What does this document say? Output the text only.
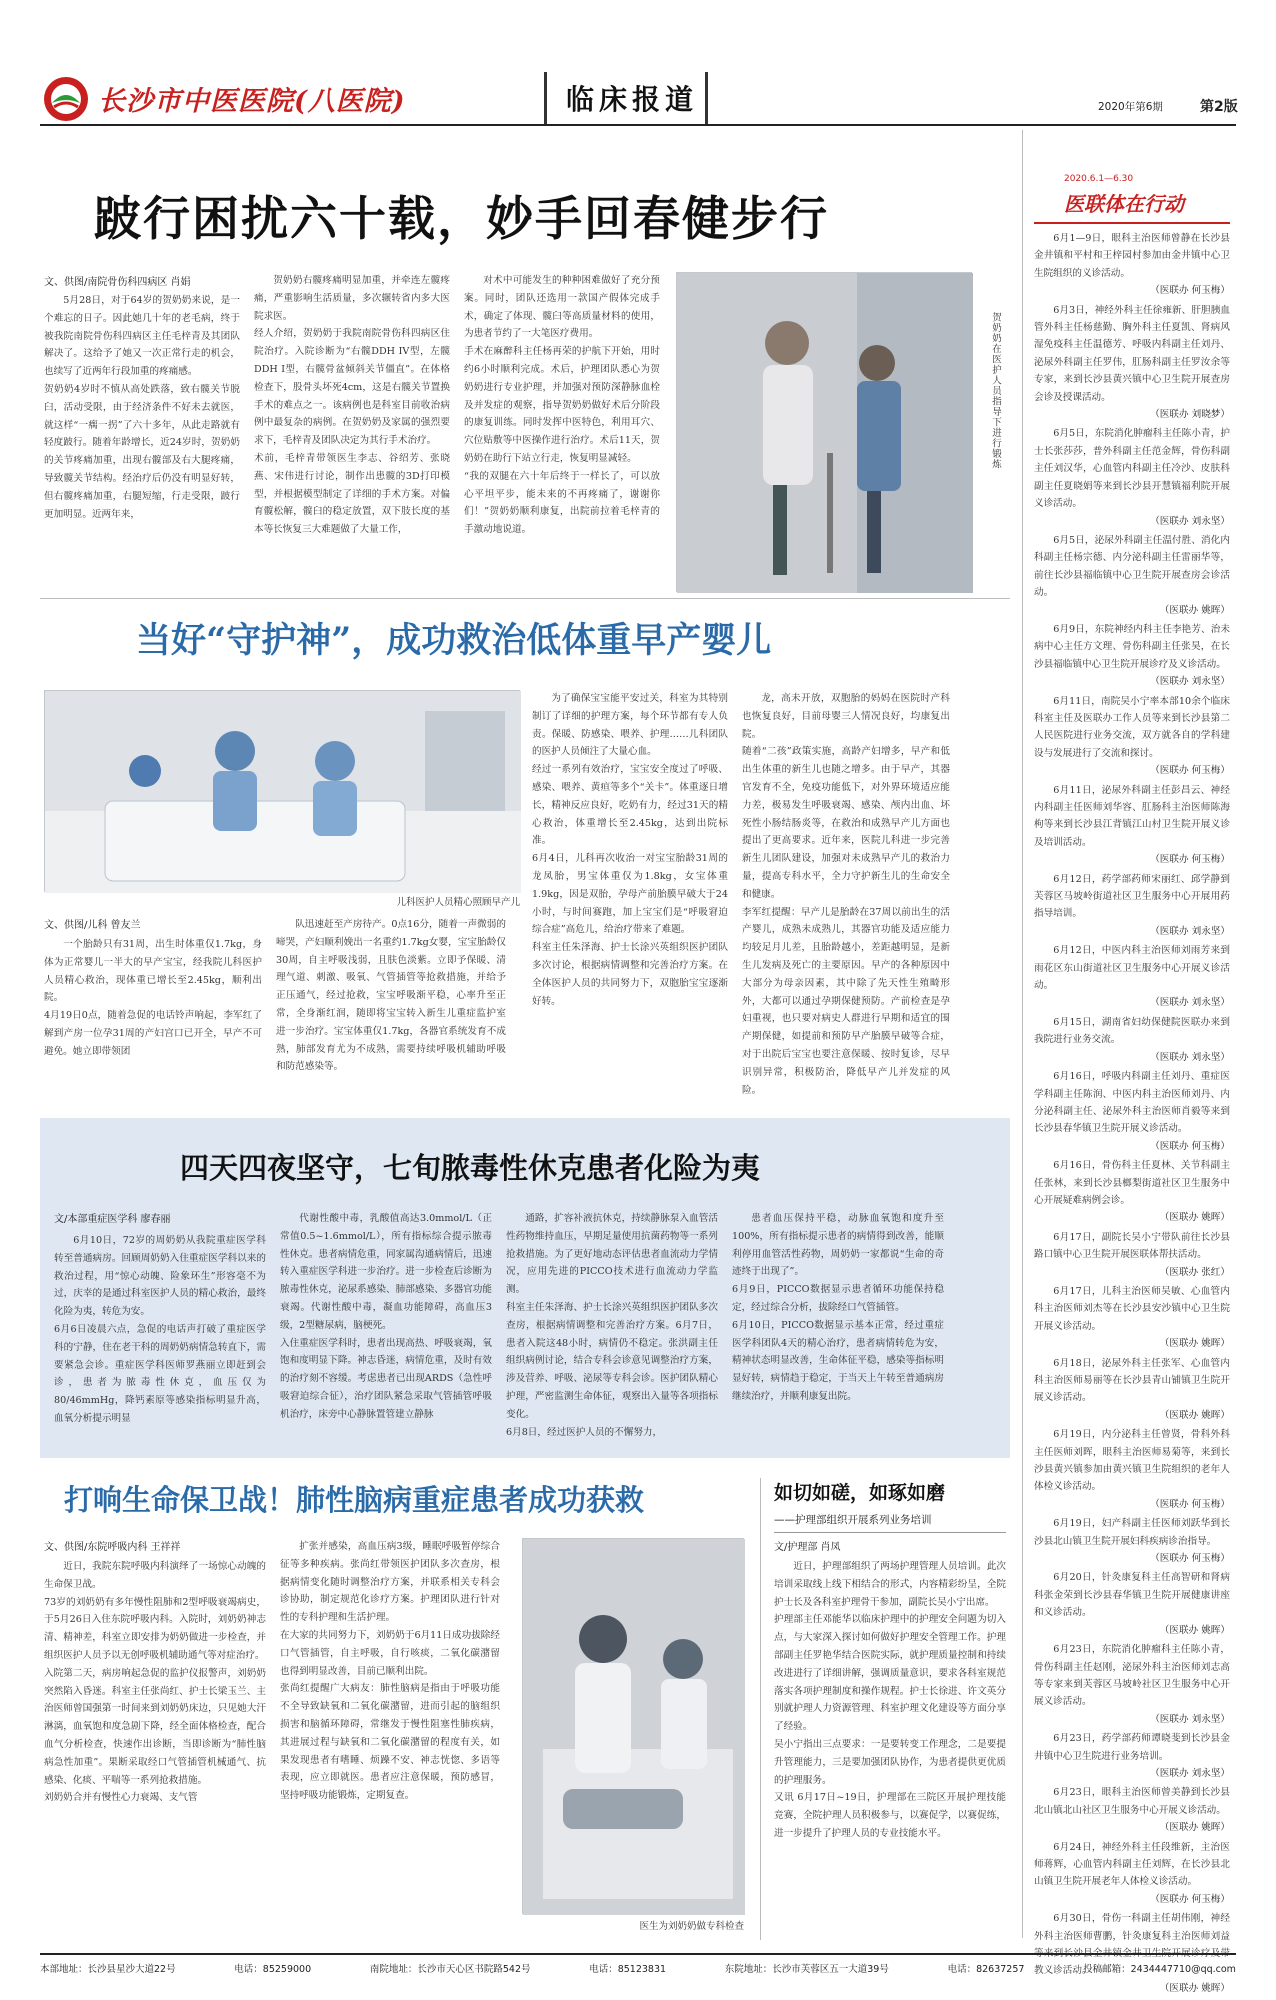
长沙市中医医院(八医院)	临床报道	2020年第6期	第2版
跛行困扰六十载，妙手回春健步行
文、供图/南院骨伤科四病区 肖娟
5月28日，对于64岁的贺奶奶来说，是一个难忘的日子。因此她几十年的老毛病，终于被我院南院骨伤科四病区主任毛梓青及其团队解决了。这给予了她又一次正常行走的机会，也续写了近两年行段加重的疼痛感。
贺奶奶4岁时不慎从高处跌落，致右髋关节脱臼，活动受限，由于经济条件不好未去就医，就这样“一瘸一拐”了六十多年，从此走路就有轻度跛行。随着年龄增长，近24岁时，贺奶奶的关节疼痛加重，出现右髋部及右大腿疼痛，导致髋关节结构。经治疗后仍没有明显好转，但右髋疼痛加重，右腿短缩，行走受限，跛行更加明显。近两年来，
贺奶奶右髋疼痛明显加重，并牵连左髋疼痛，严重影响生活质量，多次辗转省内多大医院求医。
经人介绍，贺奶奶于我院南院骨伤科四病区住院治疗。入院诊断为“右髋DDH IV型，左髋DDH I型，右髋骨盆倾斜关节僵直”。在体格检查下，股骨头坏死4cm，这是右髋关节置换手术的难点之一。该病例也是科室目前收治病例中最复杂的病例。在贺奶奶及家属的强烈要求下，毛梓青及团队决定为其行手术治疗。
术前，毛梓青带领医生李志、谷绍芳、张晓燕、宋伟进行讨论，制作出患髋的3D打印模型，并根据模型制定了详细的手术方案。对偏育髋松解，髋臼的稳定放置，双下肢长度的基本等长恢复三大难题做了大量工作，
对术中可能发生的种种困难做好了充分预案。同时，团队还选用一款国产假体完成手术，确定了体现、髋臼等高质量材料的使用，为患者节约了一大笔医疗费用。
手术在麻醉科主任杨再荣的护航下开始，用时约6小时顺利完成。术后，护理团队悉心为贺奶奶进行专业护理，并加强对预防深静脉血栓及并发症的观察，指导贺奶奶做好术后分阶段的康复训练。同时发挥中医特色，利用耳穴、穴位贴敷等中医操作进行治疗。术后11天，贺奶奶在助行下站立行走，恢复明显减轻。
“我的双腿在六十年后终于一样长了，可以放心平坦平步，能未来的不再疼痛了，谢谢你们！”贺奶奶顺利康复，出院前拉着毛梓青的手激动地说道。
贺奶奶在医护人员指导下进行锻炼
当好“守护神”，成功救治低体重早产婴儿
儿科医护人员精心照顾早产儿
文、供图/儿科 曾友兰
一个胎龄只有31周，出生时体重仅1.7kg，身体为正常婴儿一半大的早产宝宝，经我院儿科医护人员精心救治，现体重已增长至2.45kg，顺利出院。
4月19日0点，随着急促的电话铃声响起，李军红了解到产房一位孕31周的产妇宫口已开全，早产不可避免。她立即带领团
队迅速赶至产房待产。0点16分，随着一声微弱的啼哭，产妇顺利娩出一名重约1.7kg女婴，宝宝胎龄仅30周，自主呼吸浅弱，且肤色淡紫。立即予保暖、清理气道、刺激、吸氧、气管插管等抢救措施，并给予正压通气，经过抢救，宝宝呼吸渐平稳，心率升至正常，全身渐红润，随即将宝宝转入新生儿重症监护室进一步治疗。宝宝体重仅1.7kg，各器官系统发育不成熟，肺部发育尤为不成熟，需要持续呼吸机辅助呼吸和防范感染等。
为了确保宝宝能平安过关，科室为其特别制订了详细的护理方案，每个环节都有专人负责。保暖、防感染、喂养、护理……儿科团队的医护人员倾注了大量心血。
经过一系列有效治疗，宝宝安全度过了呼吸、感染、喂养、黄疸等多个“关卡”。体重逐日增长，精神反应良好，吃奶有力，经过31天的精心救治，体重增长至2.45kg，达到出院标准。
6月4日，儿科再次收治一对宝宝胎龄31周的龙凤胎，男宝体重仅为1.8kg，女宝体重1.9kg，因是双胎，孕母产前胎膜早破大于24小时，与时间赛跑，加上宝宝们是“呼吸窘迫综合症”高危儿，给治疗带来了难题。
科室主任朱泽海、护士长涂兴英组织医护团队多次讨论，根据病情调整和完善治疗方案。在全体医护人员的共同努力下，双胞胎宝宝逐渐好转。
龙，高未开放，双胞胎的妈妈在医院时产科也恢复良好，目前母婴三人情况良好，均康复出院。
随着“二孩”政策实施，高龄产妇增多，早产和低出生体重的新生儿也随之增多。由于早产，其器官发育不全，免疫功能低下，对外界环境适应能力差，极易发生呼吸衰竭、感染、颅内出血、坏死性小肠结肠炎等，在救治和成熟早产儿方面也提出了更高要求。近年来，医院儿科进一步完善新生儿团队建设，加强对未成熟早产儿的救治力量，提高专科水平，全力守护新生儿的生命安全和健康。
李军红提醒：早产儿是胎龄在37周以前出生的活产婴儿，成熟未成熟儿，其器官功能及适应能力均较足月儿差，且胎龄越小，差距越明显，是新生儿发病及死亡的主要原因。早产的各种原因中大部分为母亲因素，其中除了先天性生殖畸形外，大都可以通过孕期保健预防。产前检查是孕妇重视，也只要对病史人群进行早期和适宜的围产期保健，如提前和预防早产胎膜早破等合症，对于出院后宝宝也要注意保暖、按时复诊，尽早识别异常，积极防治，降低早产儿并发症的风险。
四天四夜坚守，七旬脓毒性休克患者化险为夷
文/本部重症医学科 廖春丽
6月10日，72岁的周奶奶从我院重症医学科转至普通病房。回顾周奶奶入住重症医学科以来的救治过程，用“惊心动魄、险象环生”形容毫不为过，庆幸的是通过科室医护人员的精心救治，最终化险为夷，转危为安。
6月6日凌晨六点，急促的电话声打破了重症医学科的宁静，住在老干科的周奶奶病情急转直下，需要紧急会诊。重症医学科医师罗燕丽立即赶到会诊，患者为脓毒性休克，血压仅为80/46mmHg，降钙素原等感染指标明显升高，血氧分析提示明显
代谢性酸中毒，乳酸值高达3.0mmol/L（正常值0.5~1.6mmol/L），所有指标综合提示脓毒性休克。患者病情危重，同家属沟通病情后，迅速转入重症医学科进一步治疗。进一步检查后诊断为脓毒性休克，泌尿系感染、肺部感染、多器官功能衰竭。代谢性酸中毒，凝血功能障碍，高血压3级，2型糖尿病，脑梗死。
入住重症医学科时，患者出现高热、呼吸衰竭，氧饱和度明显下降。神志昏迷，病情危重，及时有效的治疗刻不容缓。考虑患者已出现ARDS（急性呼吸窘迫综合征），治疗团队紧急采取气管插管呼吸机治疗，床旁中心静脉置管建立静脉
通路，扩容补液抗休克，持续静脉泵入血管活性药物维持血压，早期足量使用抗菌药物等一系列抢救措施。为了更好地动态评估患者血流动力学情况，应用先进的PICCO技术进行血流动力学监测。
科室主任朱泽海、护士长涂兴英组织医护团队多次查房，根据病情调整和完善治疗方案。6月7日，患者入院这48小时，病情仍不稳定。张洪副主任组织病例讨论，结合专科会诊意见调整治疗方案，涉及营养、呼吸、泌尿等专科会诊。医护团队精心护理，严密监测生命体征，观察出入量等各项指标变化。
6月8日，经过医护人员的不懈努力，
患者血压保持平稳，动脉血氧饱和度升至100%，所有指标提示患者的病情得到改善，能顺利停用血管活性药物，周奶奶一家都说“生命的奇迹终于出现了”。
6月9日，PICCO数据显示患者循环功能保持稳定，经过综合分析，拔除经口气管插管。
6月10日，PICCO数据显示基本正常，经过重症医学科团队4天的精心治疗，患者病情转危为安，精神状态明显改善，生命体征平稳，感染等指标明显好转，病情趋于稳定，于当天上午转至普通病房继续治疗，并顺利康复出院。
打响生命保卫战！肺性脑病重症患者成功获救
文、供图/东院呼吸内科 王祥祥
近日，我院东院呼吸内科演绎了一场惊心动魄的生命保卫战。
73岁的刘奶奶有多年慢性阻肺和2型呼吸衰竭病史，于5月26日入住东院呼吸内科。入院时，刘奶奶神志清、精神差，科室立即安排为奶奶做进一步检查，并组织医护人员予以无创呼吸机辅助通气等对症治疗。
入院第二天，病房响起急促的监护仪报警声，刘奶奶突然陷入昏迷。科室主任张尚红、护士长梁玉兰、主治医师曾国强第一时间来到刘奶奶床边，只见她大汗淋漓，血氧饱和度急剧下降，经全面体格检查，配合血气分析检查，快速作出诊断，当即诊断为“肺性脑病急性加重”。果断采取经口气管插管机械通气、抗感染、化痰、平喘等一系列抢救措施。
刘奶奶合并有慢性心力衰竭、支气管
扩张并感染，高血压病3级，睡眠呼吸暂停综合征等多种疾病。张尚红带领医护团队多次查房，根据病情变化随时调整治疗方案，并联系相关专科会诊协助，制定规范化诊疗方案。护理团队进行针对性的专科护理和生活护理。
在大家的共同努力下，刘奶奶于6月11日成功拔除经口气管插管，自主呼吸，自行咳痰，二氧化碳潴留也得到明显改善，目前已顺利出院。
张尚红提醒广大病友：肺性脑病是指由于呼吸功能不全导致缺氧和二氧化碳潴留，进而引起的脑组织损害和脑循环障碍，常继发于慢性阻塞性肺疾病，其进展过程与缺氧和二氧化碳潴留的程度有关，如果发现患者有嗜睡、烦躁不安、神志恍惚、多语等表现，应立即就医。患者应注意保暖，预防感冒，坚持呼吸功能锻炼，定期复查。
医生为刘奶奶做专科检查
如切如磋，如琢如磨
——护理部组织开展系列业务培训
文/护理部 肖凤
近日，护理部组织了两场护理管理人员培训。此次培训采取线上线下相结合的形式，内容精彩纷呈，全院护士长及各科室护理骨干参加，副院长吴小宁出席。
护理部主任邓能华以临床护理中的护理安全问题为切入点，与大家深入探讨如何做好护理安全管理工作。护理部副主任罗艳华结合医院实际，就护理质量控制和持续改进进行了详细讲解，强调质量意识，要求各科室规范落实各项护理制度和操作规程。护士长徐进、许文英分别就护理人力资源管理、科室护理文化建设等方面分享了经验。
吴小宁指出三点要求：一是要转变工作理念，二是要提升管理能力，三是要加强团队协作，为患者提供更优质的护理服务。
又讯 6月17日~19日，护理部在三院区开展护理技能竞赛，全院护理人员积极参与，以赛促学，以赛促练，进一步提升了护理人员的专业技能水平。
2020.6.1—6.30
医联体在行动
6月1—9日，眼科主治医师曾静在长沙县金井镇和平村和王梓园村参加由金井镇中心卫生院组织的义诊活动。
（医联办 何玉梅）
6月3日，神经外科主任徐雍新、肝胆胰血管外科主任杨慈勤、胸外科主任夏凯、肾病风湿免疫科主任温德芳、呼吸内科副主任刘丹、泌尿外科副主任罗伟，肛肠科副主任罗汝余等专家，来到长沙县黄兴镇中心卫生院开展查房会诊及授课活动。
（医联办 刘晓梦）
6月5日，东院消化肿瘤科主任陈小青，护士长张莎莎，普外科副主任范金辉，骨伤科副主任刘汉华，心血管内科副主任冷沙、皮肤科副主任夏晓娟等来到长沙县开慧镇福利院开展义诊活动。
（医联办 刘永坚）
6月5日，泌尿外科副主任温付胜、消化内科副主任杨宗德、内分泌科副主任雷丽华等，前往长沙县福临镇中心卫生院开展查房会诊活动。
（医联办 姚晖）
6月9日，东院神经内科主任李艳芳、治未病中心主任方文理、骨伤科副主任张昊，在长沙县福临镇中心卫生院开展诊疗及义诊活动。
（医联办 刘永坚）
6月11日，南院吴小宁率本部10余个临床科室主任及医联办工作人员等来到长沙县第二人民医院进行业务交流，双方就各自的学科建设与发展进行了交流和探讨。
（医联办 何玉梅）
6月11日，泌尿外科副主任彭昌云、神经内科副主任医师刘华容、肛肠科主治医师陈海枸等来到长沙县江背镇江山村卫生院开展义诊及培训活动。
（医联办 何玉梅）
6月12日，药学部药师宋丽红、邱学静到芙蓉区马坡岭街道社区卫生服务中心开展用药指导培训。
（医联办 刘永坚）
6月12日，中医内科主治医师刘雨芳来到雨花区东山街道社区卫生服务中心开展义诊活动。
（医联办 刘永坚）
6月15日，湖南省妇幼保健院医联办来到我院进行业务交流。
（医联办 刘永坚）
6月16日，呼吸内科副主任刘丹、重症医学科副主任陈润、中医内科主治医师刘丹、内分泌科副主任、泌尿外科主治医师肖毅等来到长沙县春华镇卫生院开展义诊活动。
（医联办 何玉梅）
6月16日，骨伤科主任夏林、关节科副主任张林，来到长沙县榔梨街道社区卫生服务中心开展疑难病例会诊。
（医联办 姚晖）
6月17日，副院长吴小宁带队前往长沙县路口镇中心卫生院开展医联体帮扶活动。
（医联办 张红）
6月17日，儿科主治医师吴敏、心血管内科主治医师刘杰等在长沙县安沙镇中心卫生院开展义诊活动。
（医联办 姚晖）
6月18日，泌尿外科主任张军、心血管内科主治医师易丽等在长沙县青山铺镇卫生院开展义诊活动。
（医联办 姚晖）
6月19日，内分泌科主任曾贤，骨科外科主任医师刘晖，眼科主治医师易菊等，来到长沙县黄兴镇参加由黄兴镇卫生院组织的老年人体检义诊活动。
（医联办 何玉梅）
6月19日，妇产科副主任医师刘跃华到长沙县北山镇卫生院开展妇科疾病诊治指导。
（医联办 何玉梅）
6月20日，针灸康复科主任高智研和肾病科张金荣到长沙县春华镇卫生院开展健康讲座和义诊活动。
（医联办 姚晖）
6月23日，东院消化肿瘤科主任陈小青，骨伤科副主任赵刚，泌尿外科主治医师刘志高等专家来到芙蓉区马坡岭社区卫生服务中心开展义诊活动。
（医联办 刘永坚）
6月23日，药学部药师谭晓斐到长沙县金井镇中心卫生院进行业务培训。
（医联办 刘永坚）
6月23日，眼科主治医师曾美静到长沙县北山镇北山社区卫生服务中心开展义诊活动。
（医联办 姚晖）
6月24日，神经外科主任段维新，主治医师蒋辉，心血管内科副主任刘辉，在长沙县北山镇卫生院开展老年人体检义诊活动。
（医联办 何玉梅）
6月30日，骨伤一科副主任胡伟刚，神经外科主治医师曹鹏，针灸康复科主治医师刘益等来到长沙县金井镇金井卫生院开展诊疗及带教义诊活动。
（医联办 姚晖）
本部地址：长沙县星沙大道22号	电话：85259000	南院地址：长沙市天心区书院路542号	电话：85123831	东院地址：长沙市芙蓉区五一大道39号	电话：82637257	投稿邮箱：2434447710@qq.com
